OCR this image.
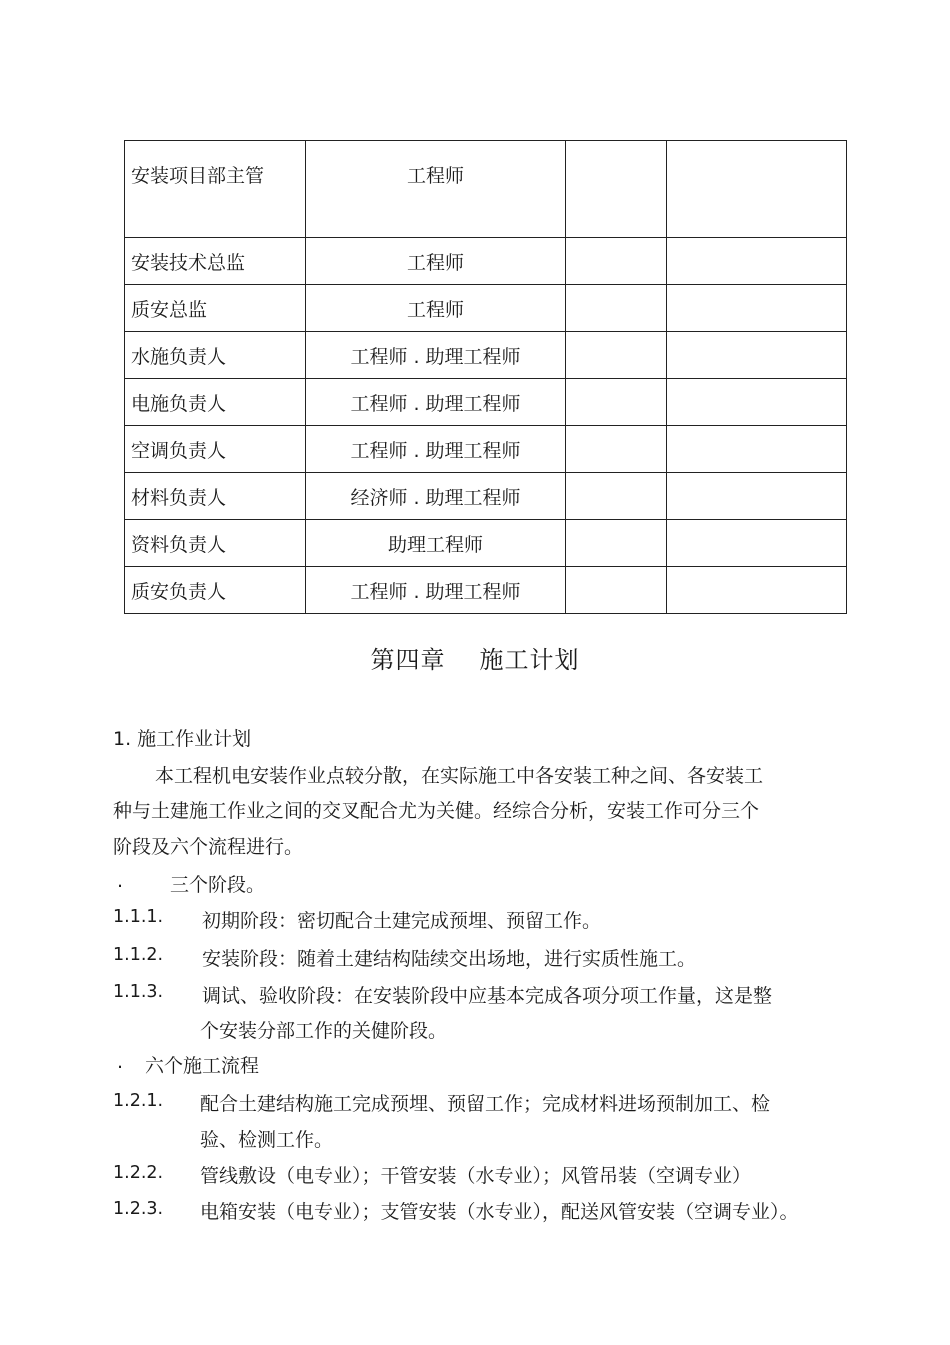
安装项目部主管	工程师		
安装技术总监	工程师		
质安总监	工程师		
水施负责人	工程师 . 助理工程师		
电施负责人	工程师 . 助理工程师		
空调负责人	工程师 . 助理工程师		
材料负责人	经济师 . 助理工程师		
资料负责人	助理工程师		
质安负责人	工程师 . 助理工程师		
第四章 施工计划
1. 施工作业计划
本工程机电安装作业点较分散，在实际施工中各安装工种之间、各安装工
种与土建施工作业之间的交叉配合尤为关健。经综合分析，安装工作可分三个
阶段及六个流程进行。
. 三个阶段。
1.1.1. 初期阶段：密切配合土建完成预埋、预留工作。
1.1.2. 安装阶段：随着土建结构陆续交出场地，进行实质性施工。
1.1.3. 调试、验收阶段：在安装阶段中应基本完成各项分项工作量，这是整
个安装分部工作的关健阶段。
. 六个施工流程
1.2.1. 配合土建结构施工完成预埋、预留工作；完成材料进场预制加工、检
验、检测工作。
1.2.2. 管线敷设（电专业）；干管安装（水专业）；风管吊装（空调专业）
1.2.3. 电箱安装（电专业）；支管安装（水专业），配送风管安装（空调专业）。
